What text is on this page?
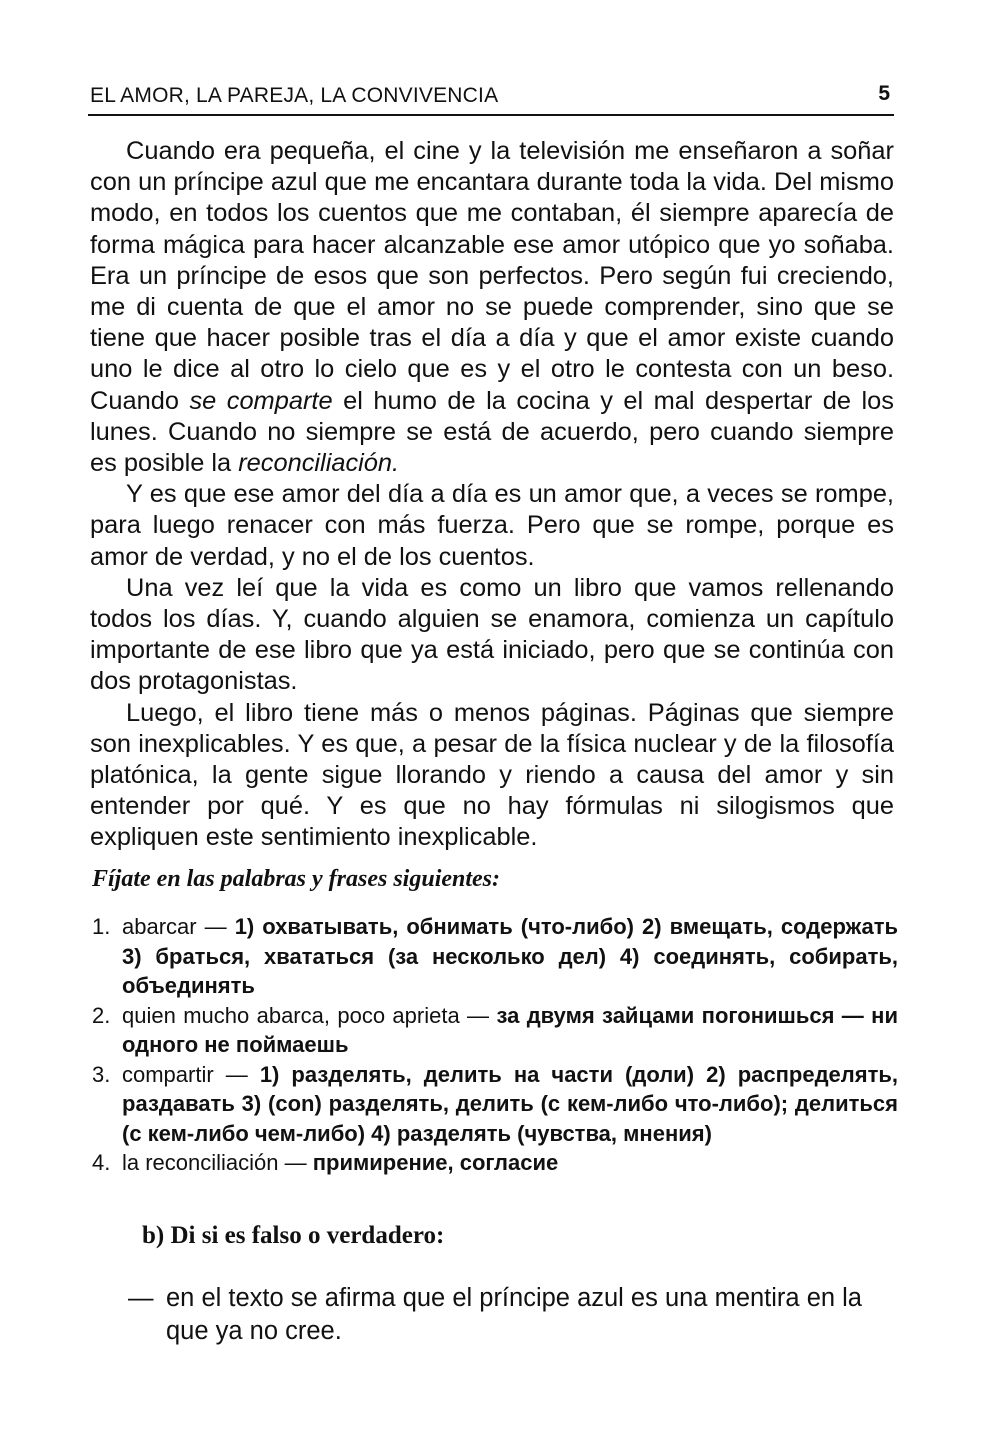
EL AMOR, LA PAREJA, LA CONVIVENCIA	5

Cuando era pequeña, el cine y la televisión me enseñaron a soñar con un príncipe azul que me encantara durante toda la vida. Del mismo modo, en todos los cuentos que me contaban, él siempre aparecía de forma mágica para hacer alcanzable ese amor utópico que yo soñaba. Era un príncipe de esos que son perfectos. Pero según fui creciendo, me di cuenta de que el amor no se puede comprender, sino que se tiene que hacer posible tras el día a día y que el amor existe cuando uno le dice al otro lo cielo que es y el otro le contesta con un beso. Cuando se comparte el humo de la cocina y el mal despertar de los lunes. Cuando no siempre se está de acuerdo, pero cuando siempre es posible la reconciliación.

Y es que ese amor del día a día es un amor que, a veces se rompe, para luego renacer con más fuerza. Pero que se rompe, porque es amor de verdad, y no el de los cuentos.

Una vez leí que la vida es como un libro que vamos rellenando todos los días. Y, cuando alguien se enamora, comienza un capítulo importante de ese libro que ya está iniciado, pero que se continúa con dos protagonistas.

Luego, el libro tiene más o menos páginas. Páginas que siempre son inexplicables. Y es que, a pesar de la física nuclear y de la filosofía platónica, la gente sigue llorando y riendo a causa del amor y sin entender por qué. Y es que no hay fórmulas ni silogismos que expliquen este sentimiento inexplicable.

Fíjate en las palabras y frases siguientes:
1. abarcar — 1) охватывать, обнимать (что-либо) 2) вмещать, содержать 3) браться, хвататься (за несколько дел) 4) соединять, собирать, объединять
2. quien mucho abarca, poco aprieta — за двумя зайцами погонишься — ни одного не поймаешь
3. compartir — 1) разделять, делить на части (доли) 2) распределять, раздавать 3) (con) разделять, делить (с кем-либо что-либо); делиться (с кем-либо чем-либо) 4) разделять (чувства, мнения)
4. la reconciliación — примирение, согласие
b) Di si es falso o verdadero:
— en el texto se afirma que el príncipe azul es una mentira en la que ya no cree.
